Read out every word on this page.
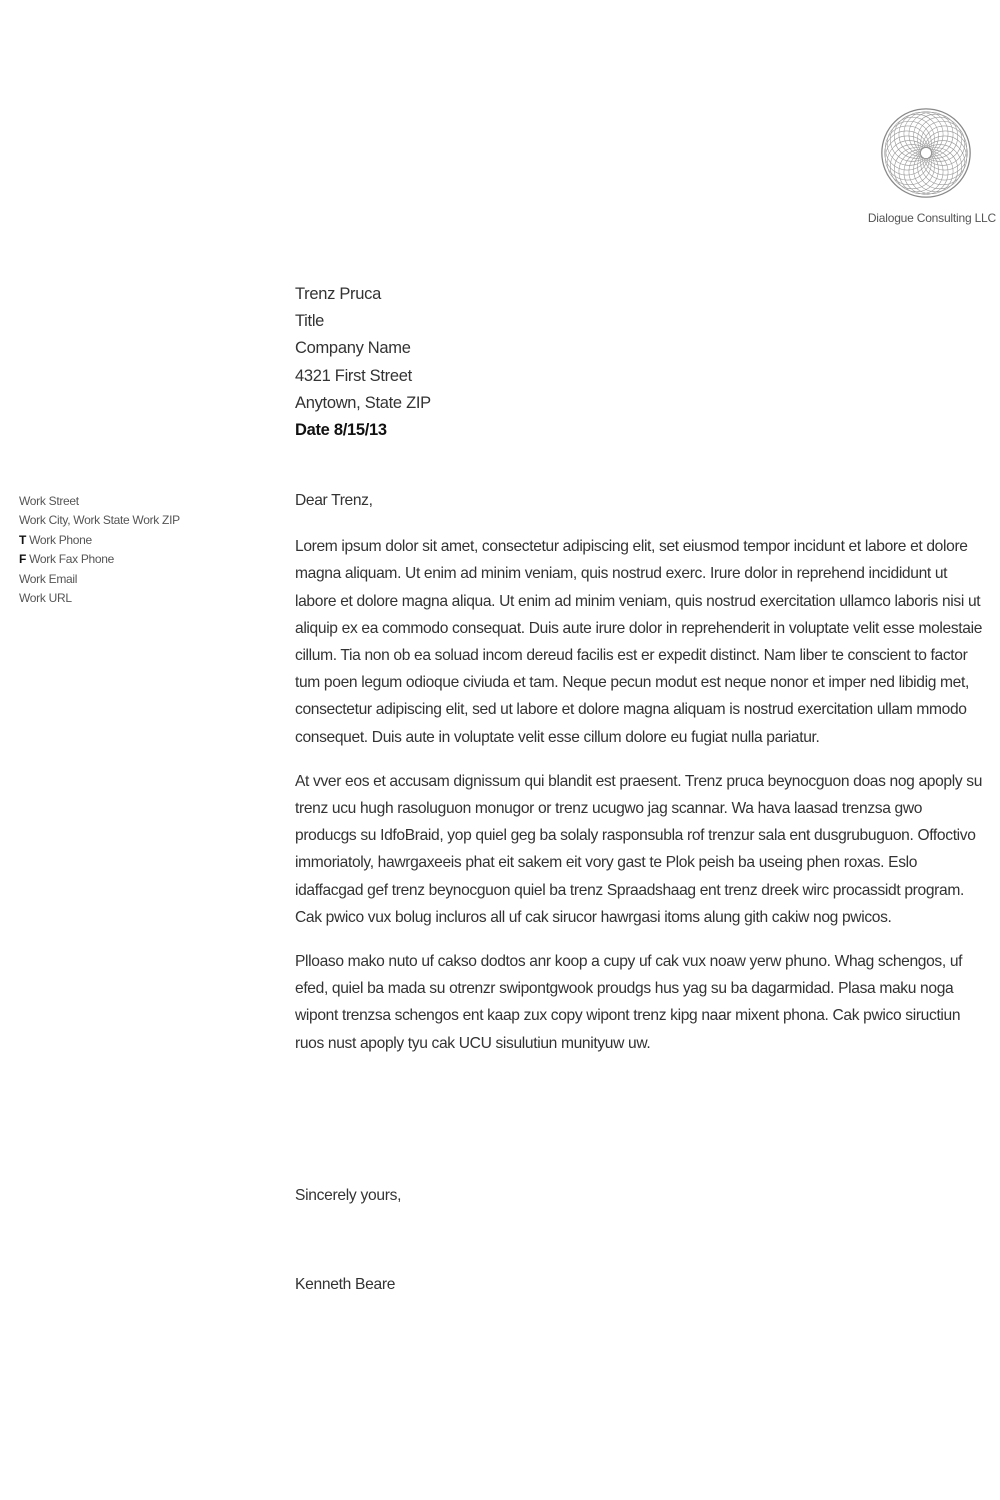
Dialogue Consulting LLC
Work Street
Work City, Work State Work ZIP
T Work Phone
F Work Fax Phone
Work Email
Work URL
Trenz Pruca
Title
Company Name
4321 First Street
Anytown, State ZIP
Date 8/15/13

Dear Trenz,

Lorem ipsum dolor sit amet, consectetur adipiscing elit, set eiusmod tempor incidunt et labore et dolore magna aliquam. Ut enim ad minim veniam, quis nostrud exerc. Irure dolor in reprehend incididunt ut labore et dolore magna aliqua. Ut enim ad minim veniam, quis nostrud exercitation ullamco laboris nisi ut aliquip ex ea commodo consequat. Duis aute irure dolor in reprehenderit in voluptate velit esse molestaie cillum. Tia non ob ea soluad incom dereud facilis est er expedit distinct. Nam liber te conscient to factor tum poen legum odioque civiuda et tam. Neque pecun modut est neque nonor et imper ned libidig met, consectetur adipiscing elit, sed ut labore et dolore magna aliquam is nostrud exercitation ullam mmodo consequet. Duis aute in voluptate velit esse cillum dolore eu fugiat nulla pariatur.

At vver eos et accusam dignissum qui blandit est praesent. Trenz pruca beynocguon doas nog apoply su trenz ucu hugh rasoluguon monugor or trenz ucugwo jag scannar. Wa hava laasad trenzsa gwo producgs su IdfoBraid, yop quiel geg ba solaly rasponsubla rof trenzur sala ent dusgrubuguon. Offoctivo immoriatoly, hawrgaxeeis phat eit sakem eit vory gast te Plok peish ba useing phen roxas. Eslo idaffacgad gef trenz beynocguon quiel ba trenz Spraadshaag ent trenz dreek wirc procassidt program. Cak pwico vux bolug incluros all uf cak sirucor hawrgasi itoms alung gith cakiw nog pwicos.

Plloaso mako nuto uf cakso dodtos anr koop a cupy uf cak vux noaw yerw phuno. Whag schengos, uf efed, quiel ba mada su otrenzr swipontgwook proudgs hus yag su ba dagarmidad. Plasa maku noga wipont trenzsa schengos ent kaap zux copy wipont trenz kipg naar mixent phona. Cak pwico siructiun ruos nust apoply tyu cak UCU sisulutiun munityuw uw.

Sincerely yours,
Kenneth Beare
